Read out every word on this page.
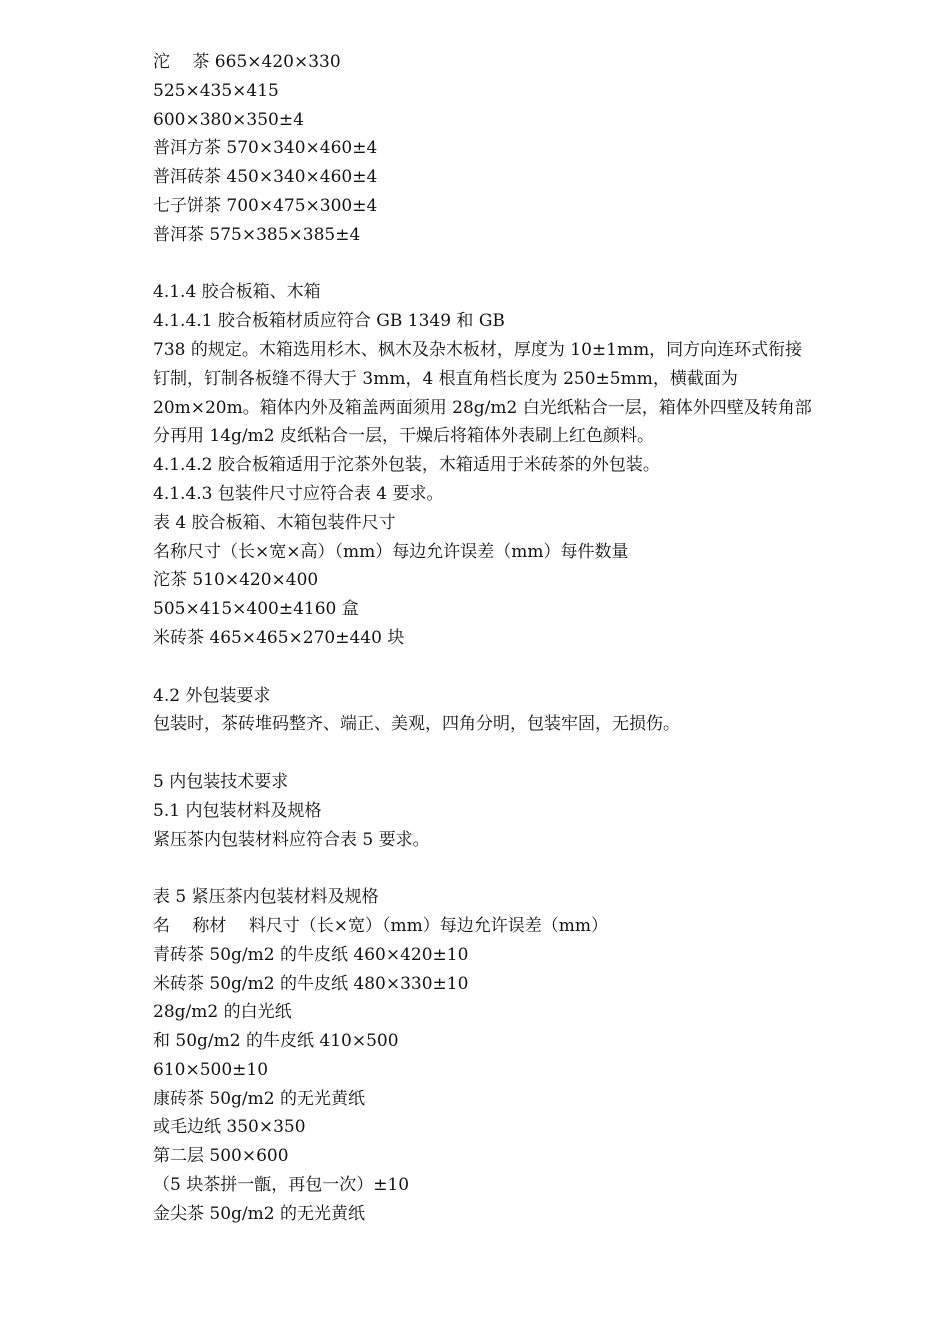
沱　 茶 665×420×330

525×435×415

600×380×350±4

普洱方茶 570×340×460±4

普洱砖茶 450×340×460±4

七子饼茶 700×475×300±4

普洱茶 575×385×385±4

4.1.4 胶合板箱、木箱

4.1.4.1 胶合板箱材质应符合 GB 1349 和 GB

738 的规定。木箱选用杉木、枫木及杂木板材，厚度为 10±1mm，同方向连环式衔接

钉制，钉制各板缝不得大于 3mm，4 根直角档长度为 250±5mm，横截面为

20m×20m。箱体内外及箱盖两面须用 28g/m2 白光纸粘合一层，箱体外四壁及转角部

分再用 14g/m2 皮纸粘合一层，干燥后将箱体外表刷上红色颜料。

4.1.4.2 胶合板箱适用于沱茶外包装，木箱适用于米砖茶的外包装。

4.1.4.3 包装件尺寸应符合表 4 要求。

表 4 胶合板箱、木箱包装件尺寸

名称尺寸（长×宽×高）（mm）每边允许误差（mm）每件数量

沱茶 510×420×400

505×415×400±4160 盒

米砖茶 465×465×270±440 块

4.2 外包装要求

包装时，茶砖堆码整齐、端正、美观，四角分明，包装牢固，无损伤。

5 内包装技术要求

5.1 内包装材料及规格

紧压茶内包装材料应符合表 5 要求。

表 5 紧压茶内包装材料及规格

名　 称材　 料尺寸（长×宽）（mm）每边允许误差（mm）

青砖茶 50g/m2 的牛皮纸 460×420±10

米砖茶 50g/m2 的牛皮纸 480×330±10

28g/m2 的白光纸

和 50g/m2 的牛皮纸 410×500

610×500±10

康砖茶 50g/m2 的无光黄纸

或毛边纸 350×350

第二层 500×600

（5 块茶拼一甑，再包一次）±10

金尖茶 50g/m2 的无光黄纸
